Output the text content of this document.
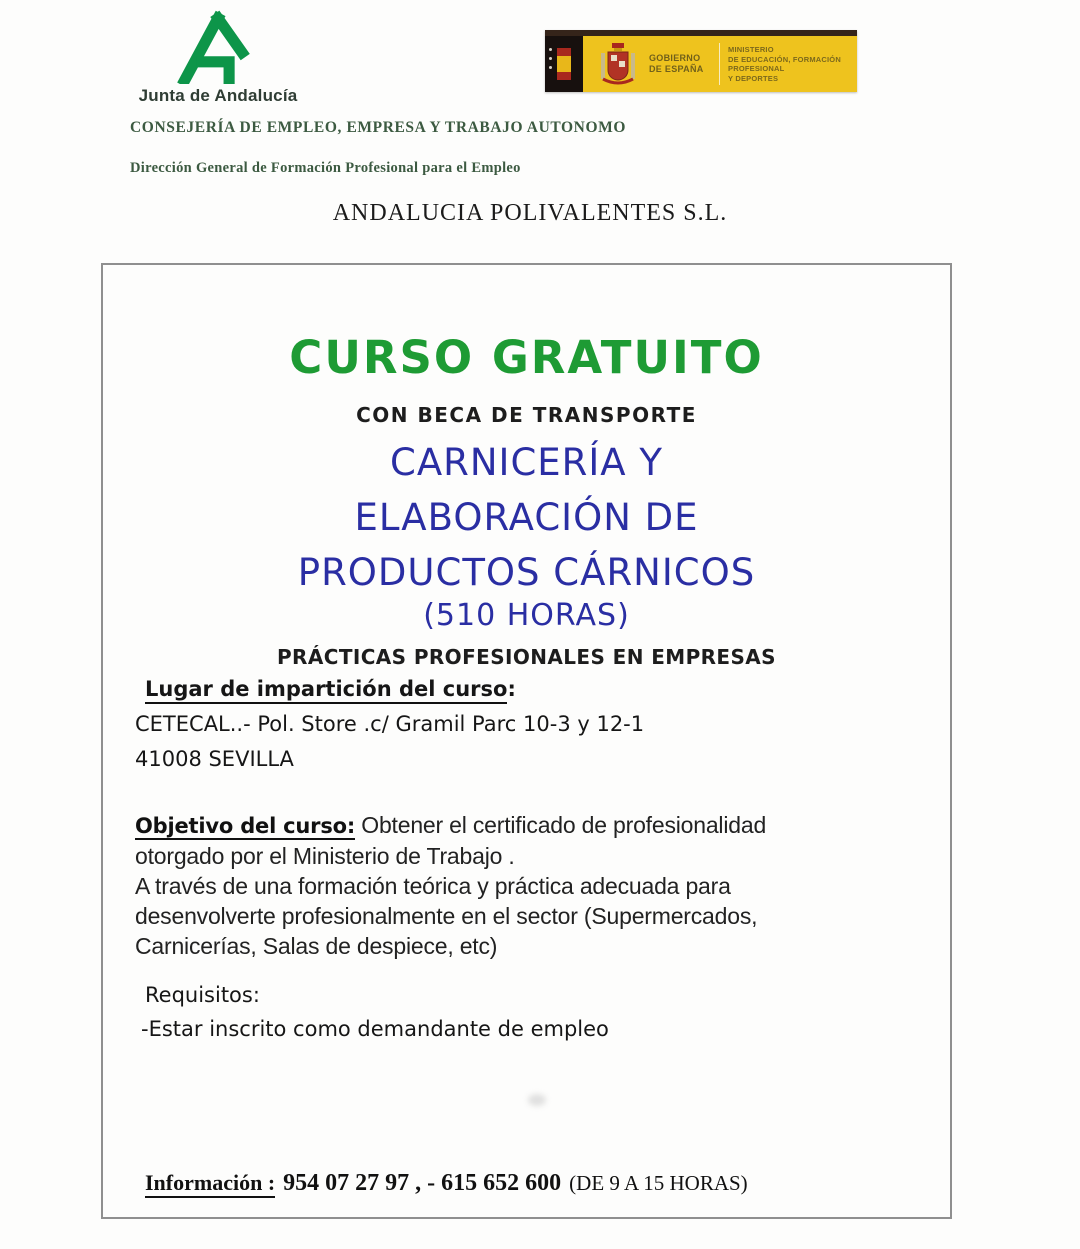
Junta de Andalucía
GOBIERNO
DE ESPAÑA
MINISTERIO
DE EDUCACIÓN, FORMACIÓN PROFESIONAL
Y DEPORTES
CONSEJERÍA DE EMPLEO, EMPRESA Y TRABAJO AUTONOMO
Dirección General de Formación Profesional para el Empleo
ANDALUCIA POLIVALENTES S.L.
CURSO GRATUITO
CON BECA DE TRANSPORTE
CARNICERÍA Y
ELABORACIÓN DE
PRODUCTOS CÁRNICOS
(510 HORAS)
PRÁCTICAS PROFESIONALES EN EMPRESAS
Lugar de impartición del curso:
CETECAL..- Pol. Store .c/ Gramil Parc 10-3 y 12-1
41008 SEVILLA
Objetivo del curso: Obtener el certificado de profesionalidad
otorgado por el Ministerio de Trabajo .
A través de una formación teórica y práctica adecuada para
desenvolverte profesionalmente en el sector (Supermercados,
Carnicerías, Salas de despiece, etc)
Requisitos:
-Estar inscrito como demandante de empleo
Información : 954 07 27 97 , - 615 652 600 (DE 9 A 15 HORAS)
